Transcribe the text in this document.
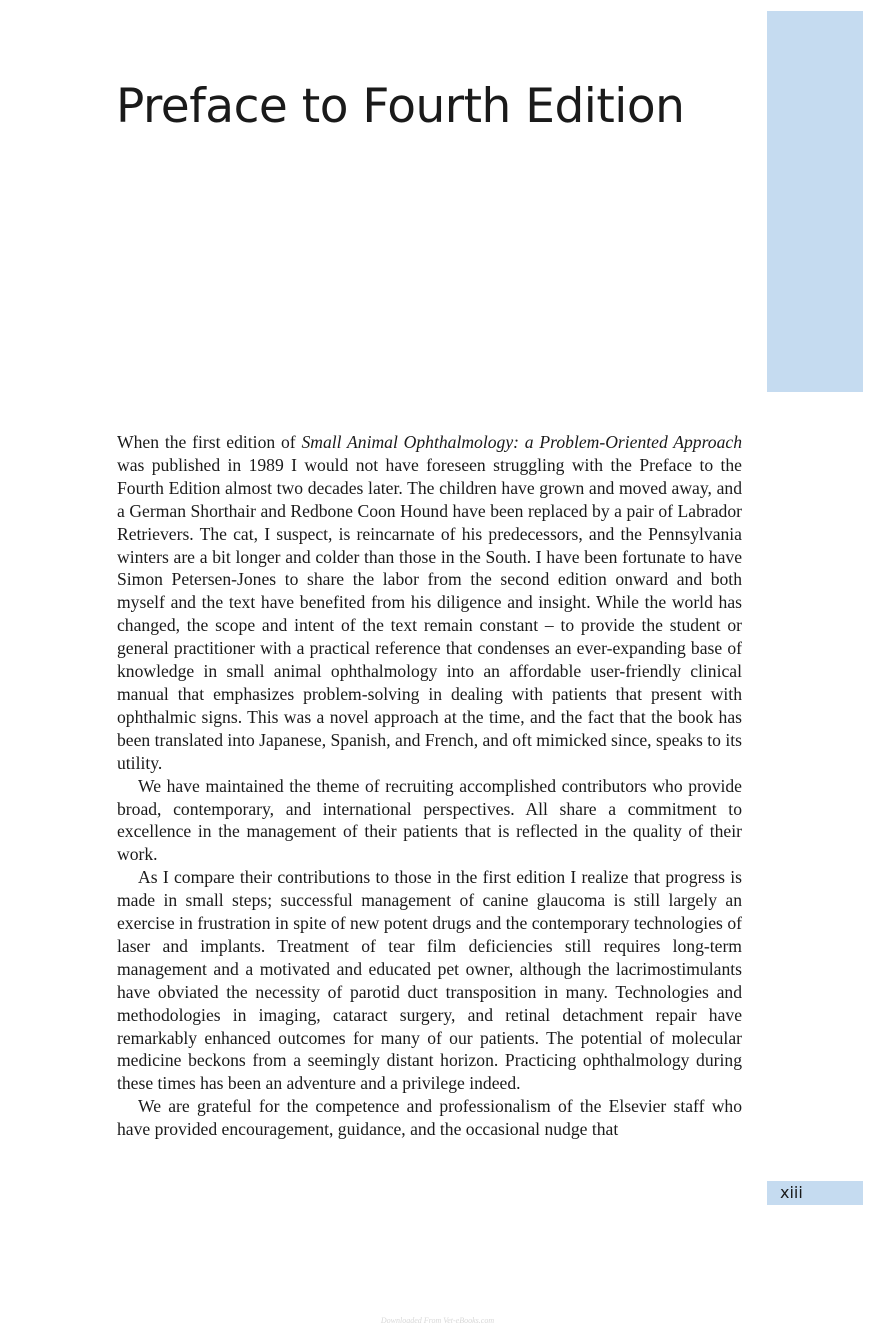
Preface to Fourth Edition

When the first edition of Small Animal Ophthalmology: a Problem-Oriented Approach was published in 1989 I would not have foreseen struggling with the Preface to the Fourth Edition almost two decades later. The children have grown and moved away, and a German Shorthair and Redbone Coon Hound have been replaced by a pair of Labrador Retrievers. The cat, I suspect, is reincarnate of his predecessors, and the Pennsylvania winters are a bit longer and colder than those in the South. I have been fortunate to have Simon Petersen-Jones to share the labor from the second edition onward and both myself and the text have benefited from his diligence and insight. While the world has changed, the scope and intent of the text remain constant – to provide the student or general practitioner with a practical reference that condenses an ever-expanding base of knowledge in small animal ophthalmology into an affordable user-friendly clinical manual that emphasizes problem-solving in dealing with patients that present with ophthalmic signs. This was a novel approach at the time, and the fact that the book has been translated into Japanese, Spanish, and French, and oft mimicked since, speaks to its utility.

We have maintained the theme of recruiting accomplished contributors who provide broad, contemporary, and international perspectives. All share a commitment to excellence in the management of their patients that is reflected in the quality of their work.

As I compare their contributions to those in the first edition I realize that progress is made in small steps; successful management of canine glaucoma is still largely an exercise in frustration in spite of new potent drugs and the contemporary technologies of laser and implants. Treatment of tear film deficiencies still requires long-term management and a motivated and educated pet owner, although the lacrimostimulants have obviated the necessity of parotid duct transposition in many. Technologies and methodologies in imaging, cataract surgery, and retinal detachment repair have remarkably enhanced outcomes for many of our patients. The potential of molecular medicine beckons from a seemingly distant horizon. Practicing ophthalmology during these times has been an adventure and a privilege indeed.

We are grateful for the competence and professionalism of the Elsevier staff who have provided encouragement, guidance, and the occasional nudge that

xiii
Downloaded From Vet-eBooks.com
